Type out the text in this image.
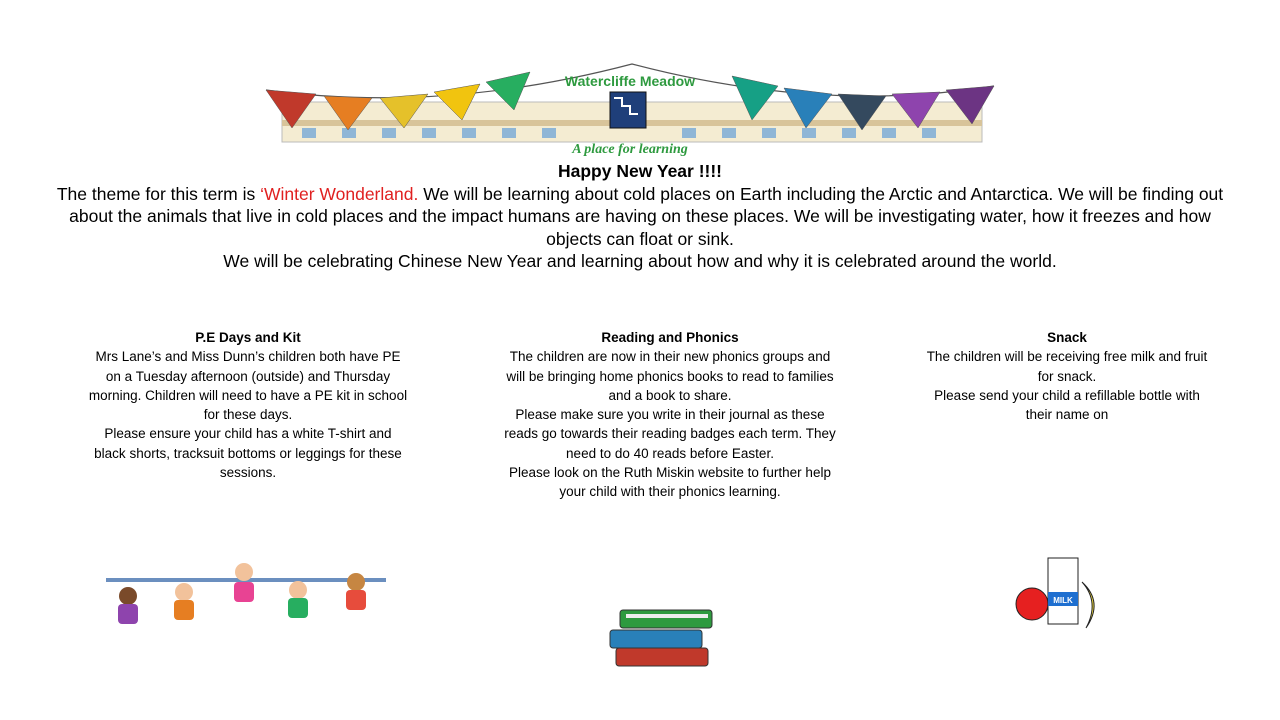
Watercliffe Meadow
A place for learning
Happy New Year !!!!
The theme for this term is ‘Winter Wonderland. We will be learning about cold places on Earth including the Arctic and Antarctica. We will be finding out about the animals that live in cold places and the impact humans are having on these places. We will be investigating water, how it freezes and how objects can float or sink.
We will be celebrating Chinese New Year and learning about how and why it is celebrated around the world.
P.E Days and Kit

Mrs Lane’s and Miss Dunn’s children both have PE on a Tuesday afternoon (outside) and Thursday morning. Children will need to have a PE kit in school for these days.

Please ensure your child has a white T-shirt and black shorts, tracksuit bottoms or leggings for these sessions.

Reading and Phonics

The children are now in their new phonics groups and will be bringing home phonics books to read to families and a book to share.

Please make sure you write in their journal as these reads go towards their reading badges each term. They need to do 40 reads before Easter.

Please look on the Ruth Miskin website to further help your child with their phonics learning.

Snack

The children will be receiving free milk and fruit for snack.

Please send your child a refillable bottle with their name on

MILK
